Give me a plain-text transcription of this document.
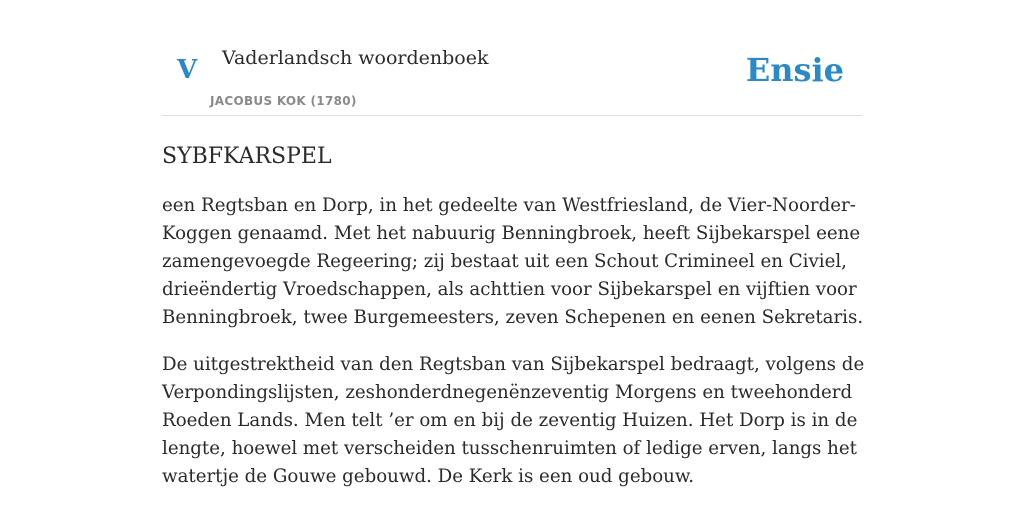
V Vaderlandsch woordenboek
JACOBUS KOK (1780)
Ensie
SYBFKARSPEL

een Regtsban en Dorp, in het gedeelte van Westfriesland, de Vier-Noorder-Koggen genaamd. Met het nabuurig Benningbroek, heeft Sijbekarspel eene zamengevoegde Regeering; zij bestaat uit een Schout Crimineel en Civiel, drieëndertig Vroedschappen, als achttien voor Sijbekarspel en vijftien voor Benningbroek, twee Burgemeesters, zeven Schepenen en eenen Sekretaris.

De uitgestrektheid van den Regtsban van Sijbekarspel bedraagt, volgens de Verpondingslijsten, zeshonderdnegenënzeventig Morgens en tweehonderd Roeden Lands. Men telt ’er om en bij de zeventig Huizen. Het Dorp is in de lengte, hoewel met verscheiden tusschenruimten of ledige erven, langs het watertje de Gouwe gebouwd. De Kerk is een oud gebouw.
